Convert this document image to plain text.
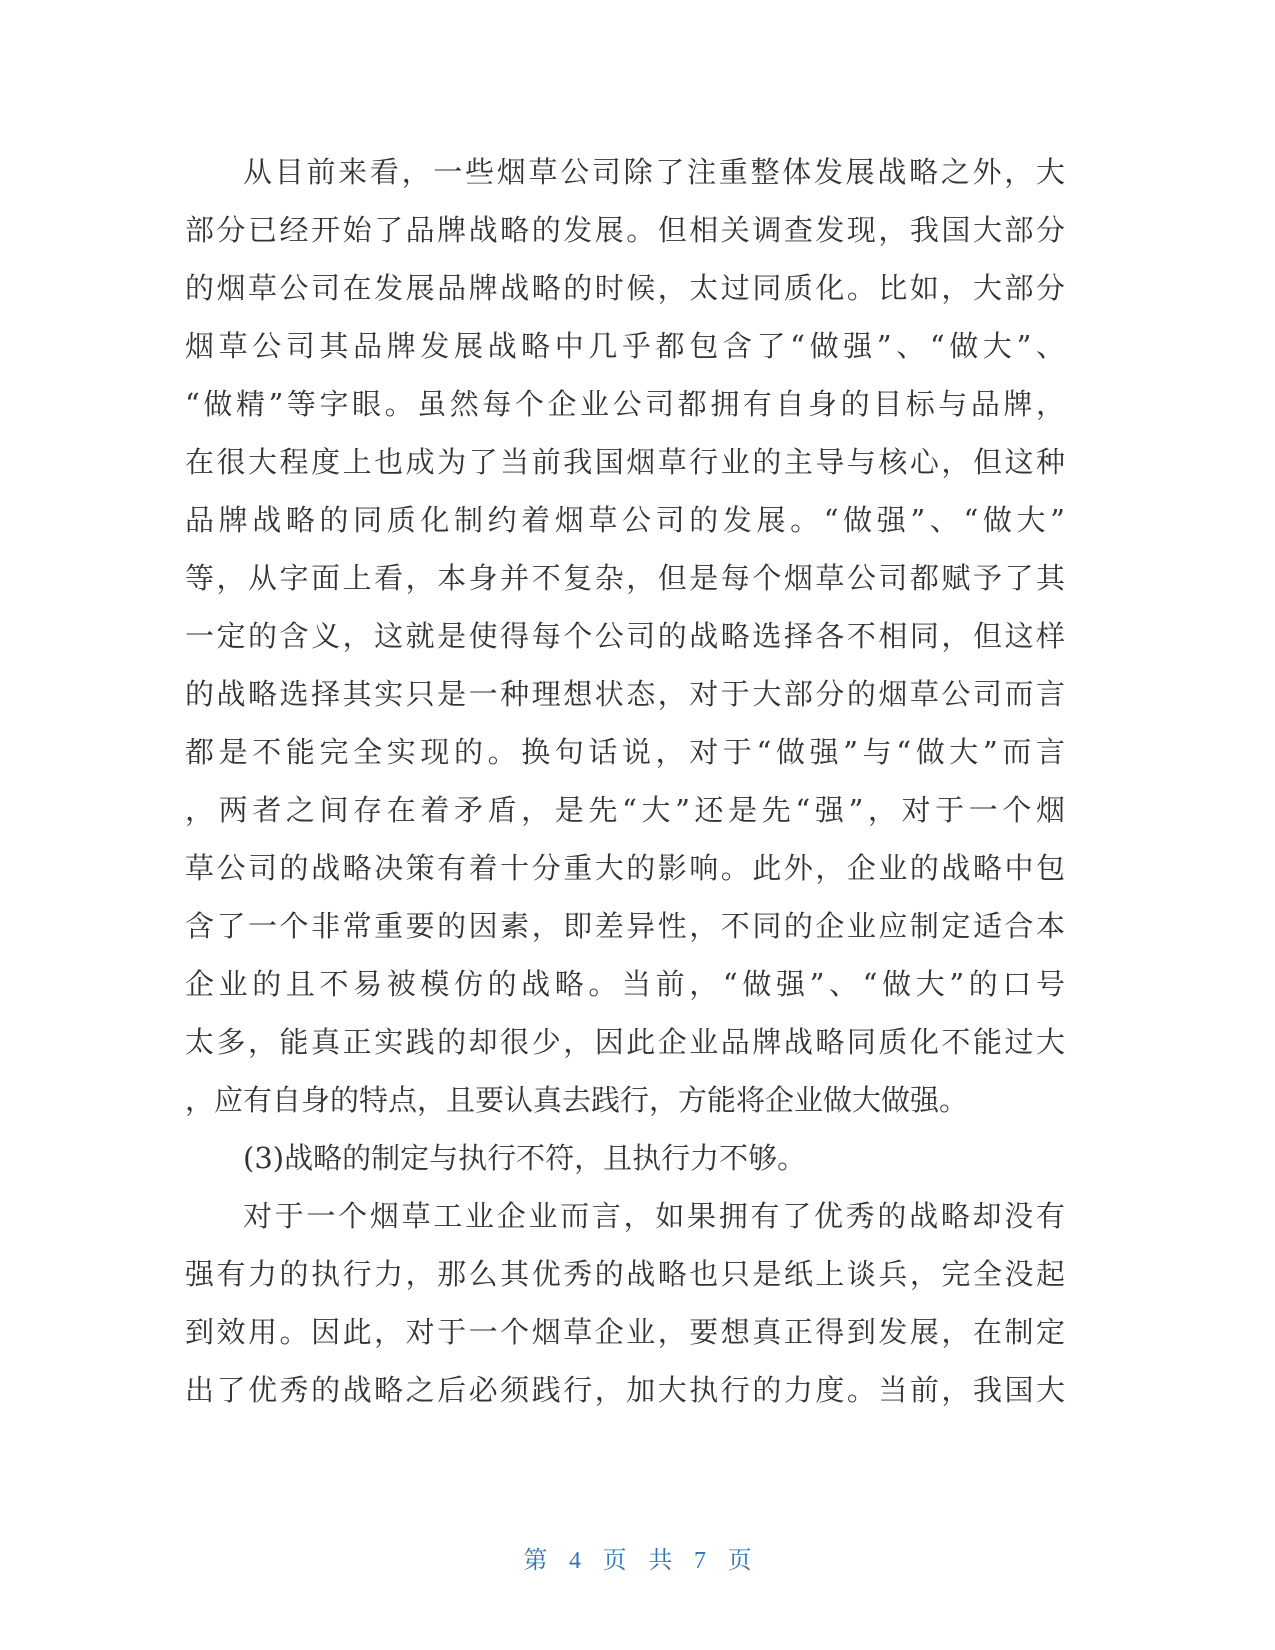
从目前来看，一些烟草公司除了注重整体发展战略之外，大
部分已经开始了品牌战略的发展。但相关调查发现，我国大部分
的烟草公司在发展品牌战略的时候，太过同质化。比如，大部分
烟草公司其品牌发展战略中几乎都包含了“做强”、“做大”、
“做精”等字眼。虽然每个企业公司都拥有自身的目标与品牌，
在很大程度上也成为了当前我国烟草行业的主导与核心，但这种
品牌战略的同质化制约着烟草公司的发展。“做强”、“做大”
等，从字面上看，本身并不复杂，但是每个烟草公司都赋予了其
一定的含义，这就是使得每个公司的战略选择各不相同，但这样
的战略选择其实只是一种理想状态，对于大部分的烟草公司而言
都是不能完全实现的。换句话说，对于“做强”与“做大”而言
，两者之间存在着矛盾，是先“大”还是先“强”，对于一个烟
草公司的战略决策有着十分重大的影响。此外，企业的战略中包
含了一个非常重要的因素，即差异性，不同的企业应制定适合本
企业的且不易被模仿的战略。当前，“做强”、“做大”的口号
太多，能真正实践的却很少，因此企业品牌战略同质化不能过大
，应有自身的特点，且要认真去践行，方能将企业做大做强。
(3)战略的制定与执行不符，且执行力不够。
对于一个烟草工业企业而言，如果拥有了优秀的战略却没有
强有力的执行力，那么其优秀的战略也只是纸上谈兵，完全没起
到效用。因此，对于一个烟草企业，要想真正得到发展，在制定
出了优秀的战略之后必须践行，加大执行的力度。当前，我国大
第 4 页 共 7 页
